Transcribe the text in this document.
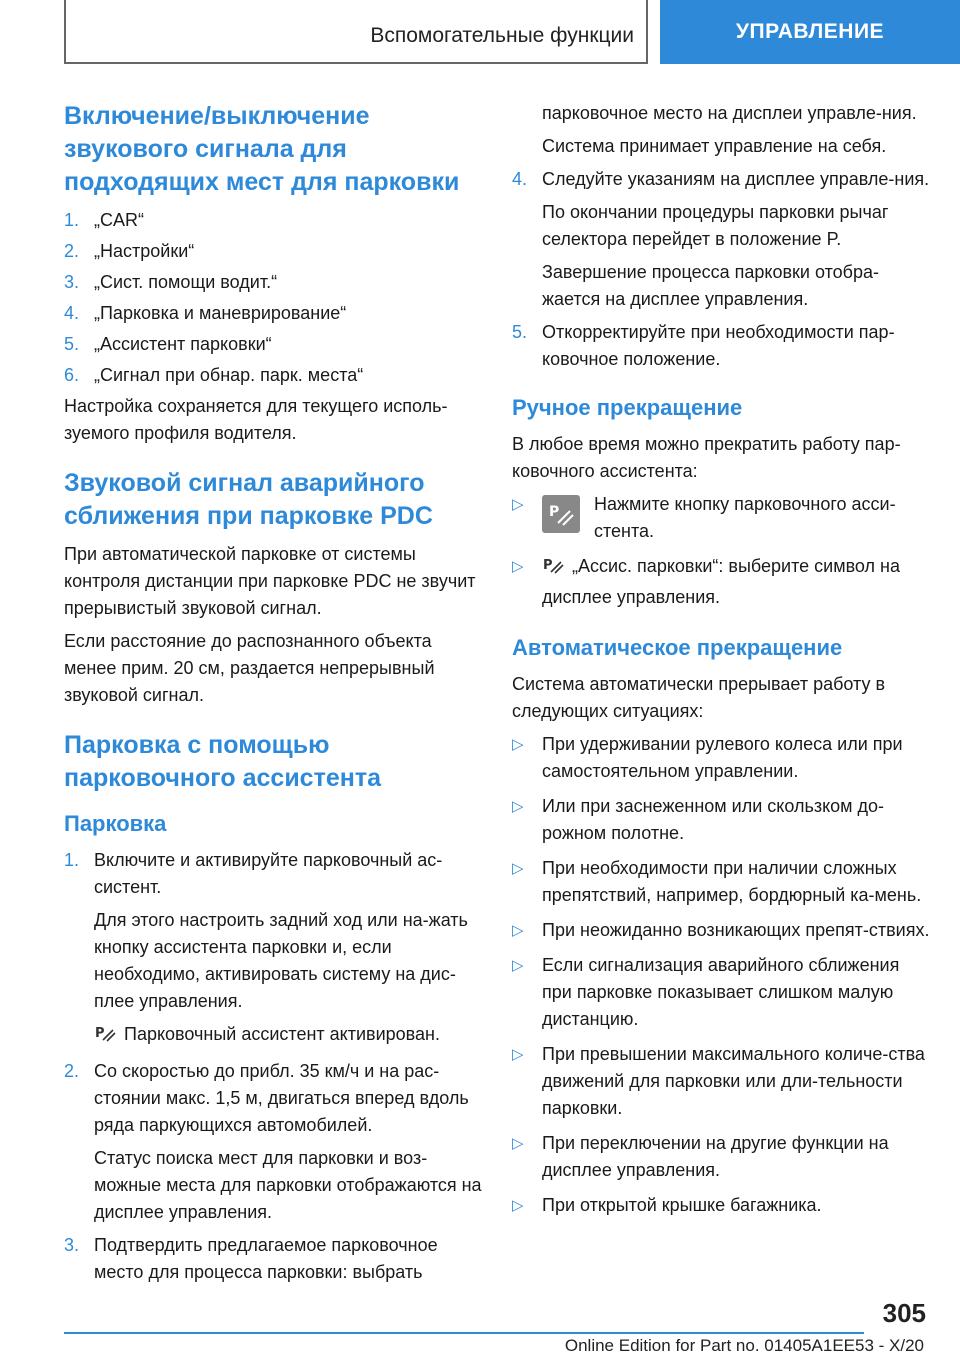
Вспомогательные функции	УПРАВЛЕНИЕ
Включение/выключение звукового сигнала для подходящих мест для парковки
1. „CAR“
2. „Настройки“
3. „Сист. помощи водит.“
4. „Парковка и маневрирование“
5. „Ассистент парковки“
6. „Сигнал при обнар. парк. места“

Настройка сохраняется для текущего исполь-зуемого профиля водителя.

Звуковой сигнал аварийного сближения при парковке PDC

При автоматической парковке от системы контроля дистанции при парковке PDC не звучит прерывистый звуковой сигнал.

Если расстояние до распознанного объекта менее прим. 20 см, раздается непрерывный звуковой сигнал.

Парковка с помощью парковочного ассистента
Парковка
1. Включите и активируйте парковочный ас-систент.

Для этого настроить задний ход или на-жать кнопку ассистента парковки и, если необходимо, активировать систему на дис-плее управления.

P Парковочный ассистент активирован.

2. Со скоростью до прибл. 35 км/ч и на рас-стоянии макс. 1,5 м, двигаться вперед вдоль ряда паркующихся автомобилей.

Статус поиска мест для парковки и воз-можные места для парковки отображаются на дисплее управления.

3. Подтвердить предлагаемое парковочное место для процесса парковки: выбрать

парковочное место на дисплеи управле-ния.

Система принимает управление на себя.

4. Следуйте указаниям на дисплее управле-ния.

По окончании процедуры парковки рычаг селектора перейдет в положение P.

Завершение процесса парковки отобра-жается на дисплее управления.

5. Откорректируйте при необходимости пар-ковочное положение.

Ручное прекращение

В любое время можно прекратить работу пар-ковочного ассистента:

▷ P Нажмите кнопку парковочного асси-стента.
▷ P „Ассис. парковки“: выберите символ на дисплее управления.
Автоматическое прекращение

Система автоматически прерывает работу в следующих ситуациях:

▷ При удерживании рулевого колеса или при самостоятельном управлении.
▷ Или при заснеженном или скользком до-рожном полотне.
▷ При необходимости при наличии сложных препятствий, например, бордюрный ка-мень.
▷ При неожиданно возникающих препят-ствиях.
▷ Если сигнализация аварийного сближения при парковке показывает слишком малую дистанцию.
▷ При превышении максимального количе-ства движений для парковки или дли-тельности парковки.
▷ При переключении на другие функции на дисплее управления.
▷ При открытой крышке багажника.
305
Online Edition for Part no. 01405A1EE53 - X/20
